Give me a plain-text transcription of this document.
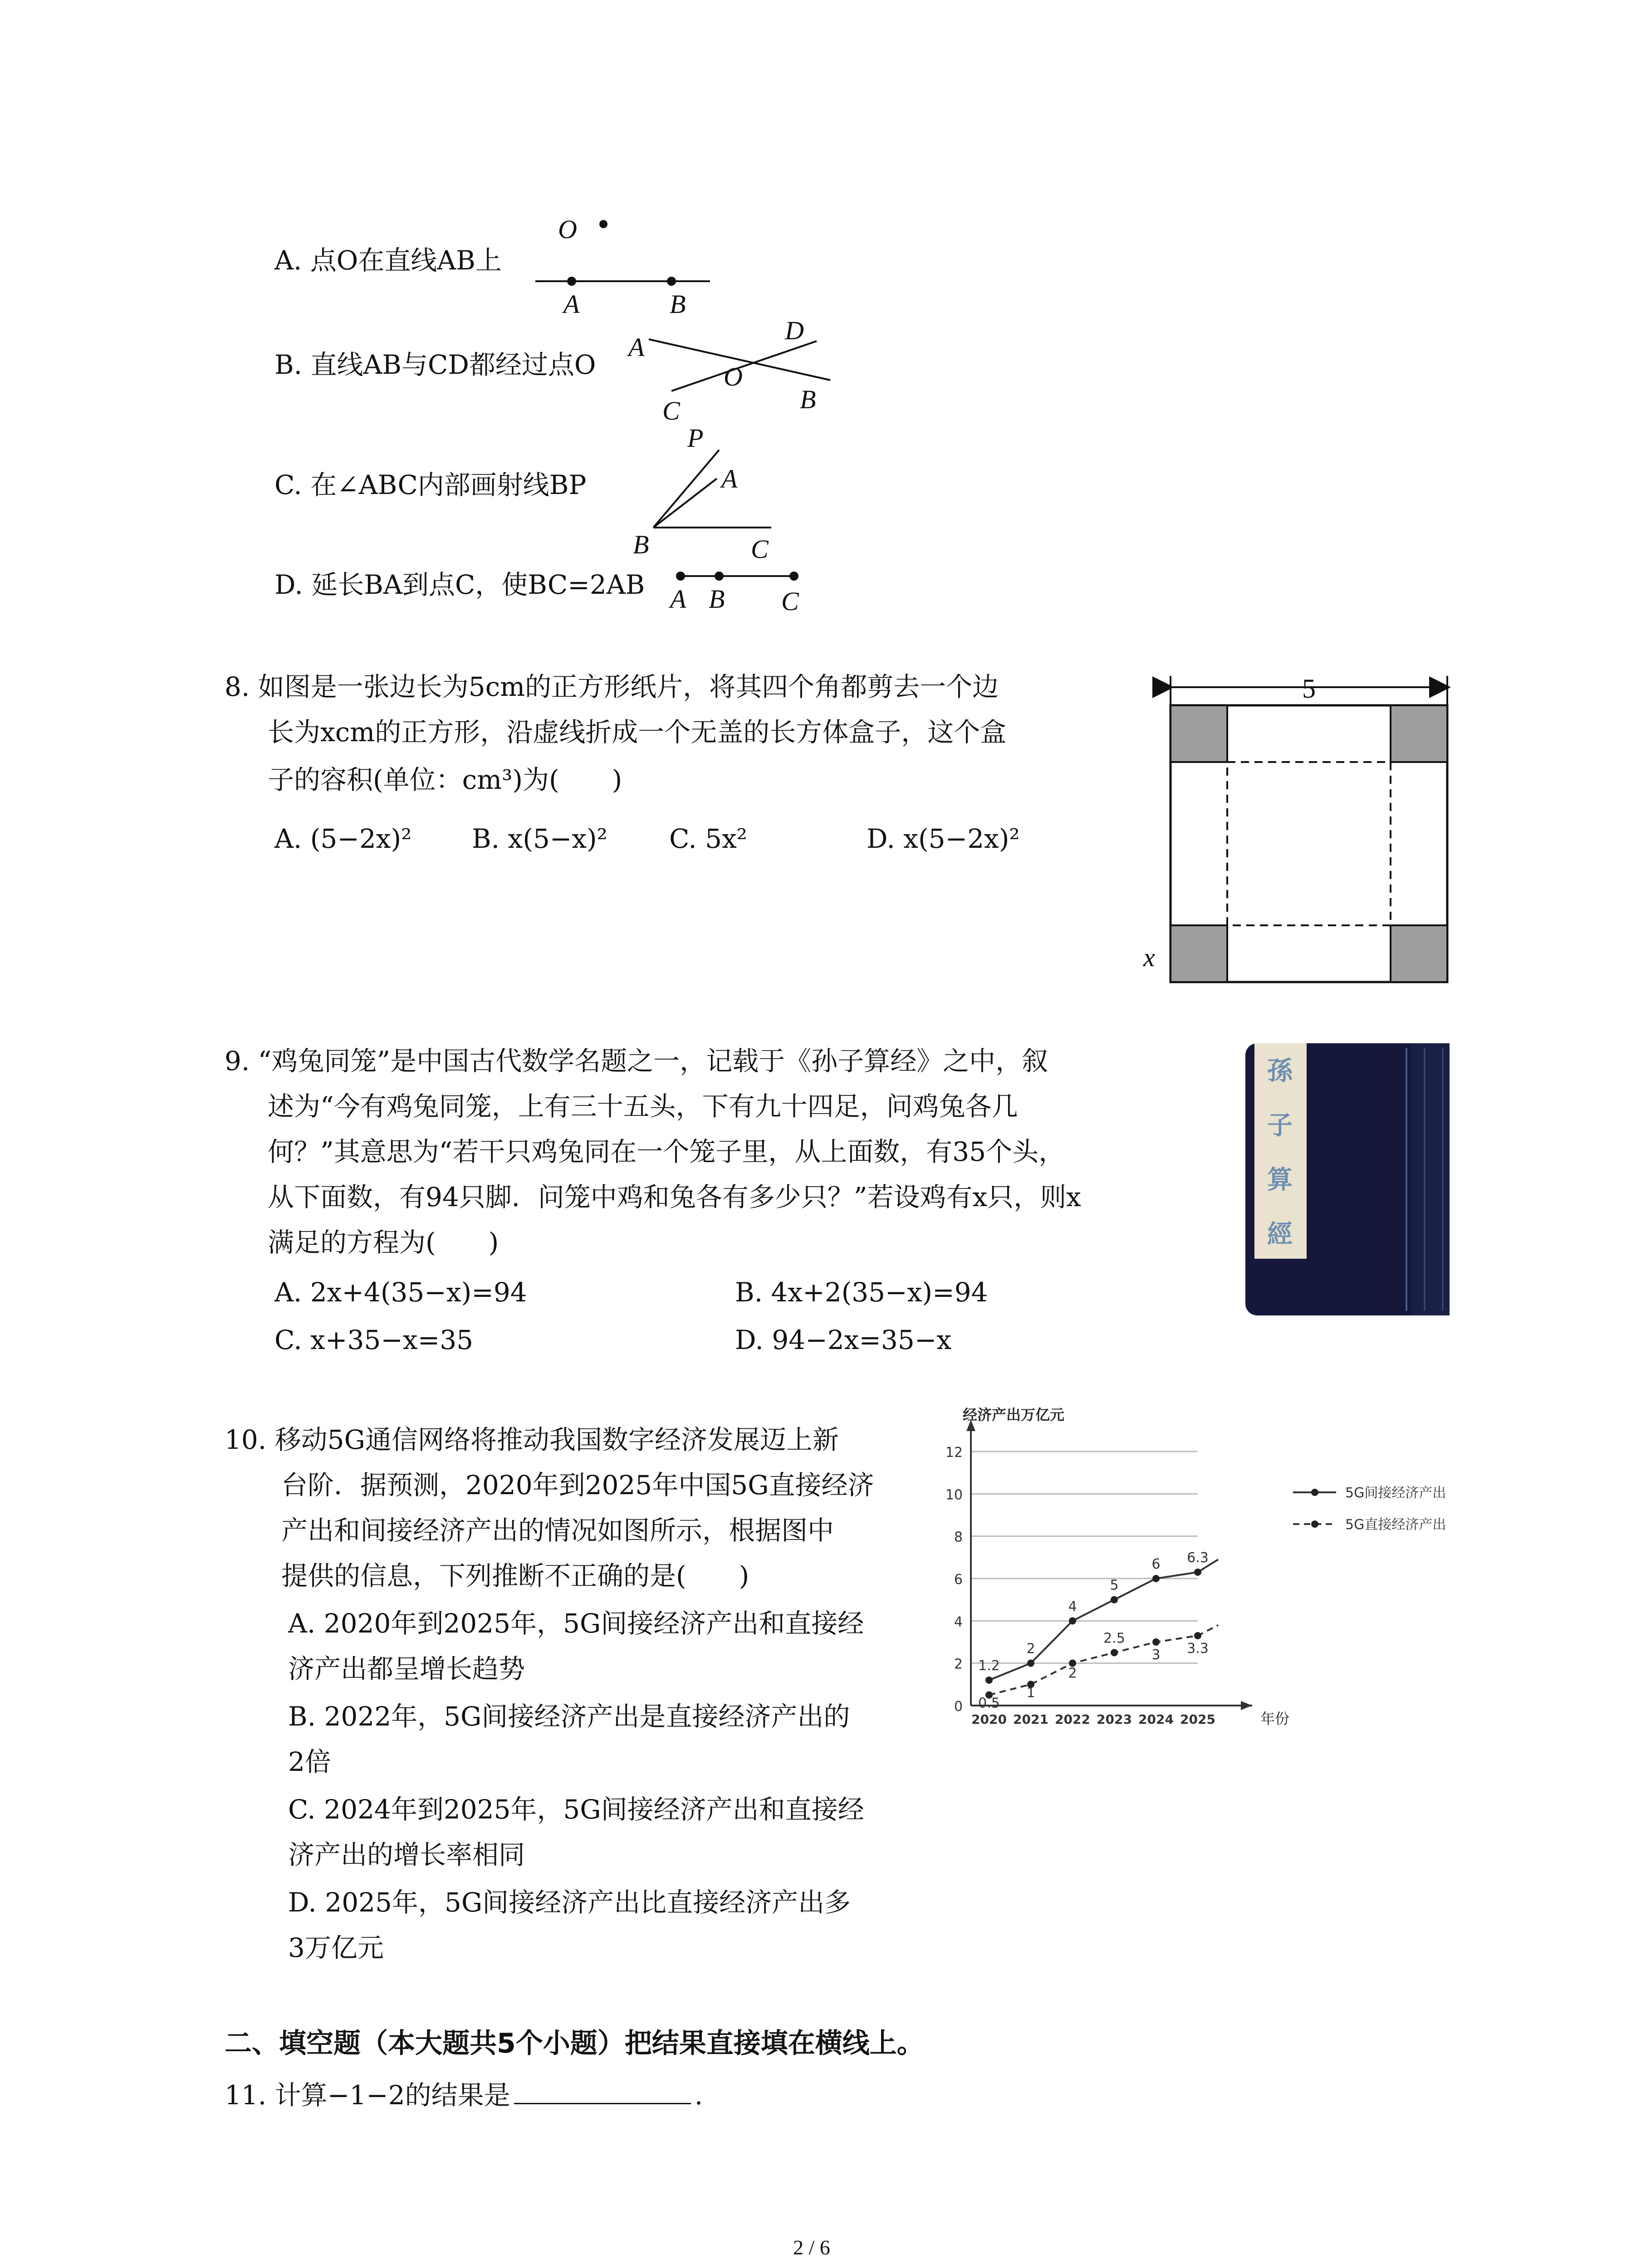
A. 点O在直线AB上
B. 直线AB与CD都经过点O
C. 在∠ABC内部画射线BP
D. 延长BA到点C，使BC=2AB
O
A	B
A
D
O
B
C
P
A
B	C
A B C
8. 如图是一张边长为5cm的正方形纸片，将其四个角都剪去一个边
长为xcm的正方形，沿虚线折成一个无盖的长方体盒子，这个盒
子的容积(单位：cm³)为(　　)
A. (5−2x)² B. x(5−x)² C. 5x²	D. x(5−2x)²
5
x
9. “鸡兔同笼”是中国古代数学名题之一，记载于《孙子算经》之中，叙
述为“今有鸡兔同笼，上有三十五头，下有九十四足，问鸡兔各几
何？”其意思为“若干只鸡兔同在一个笼子里，从上面数，有35个头，
从下面数，有94只脚．问笼中鸡和兔各有多少只？”若设鸡有x只，则x
满足的方程为(　　)
A. 2x+4(35−x)=94	B. 4x+2(35−x)=94
C. x+35−x=35	D. 94−2x=35−x
孫
子
算
經
10. 移动5G通信网络将推动我国数字经济发展迈上新
台阶．据预测，2020年到2025年中国5G直接经济
产出和间接经济产出的情况如图所示，根据图中
提供的信息，下列推断不正确的是(　　)
A. 2020年到2025年，5G间接经济产出和直接经
济产出都呈增长趋势
B. 2022年，5G间接经济产出是直接经济产出的
2倍
C. 2024年到2025年，5G间接经济产出和直接经
济产出的增长率相同
D. 2025年，5G间接经济产出比直接经济产出多
3万亿元
0
2
4
6
8
10
12
经济产出万亿元
年份
2020 2021 2022 2023 2024 2025
1.2
2
4
5
6 6.3
0.5
1
2
2.5
3 3.3
5G间接经济产出
5G直接经济产出
二、填空题（本大题共5个小题）把结果直接填在横线上。
11. 计算−1−2的结果是	.
2 / 6
